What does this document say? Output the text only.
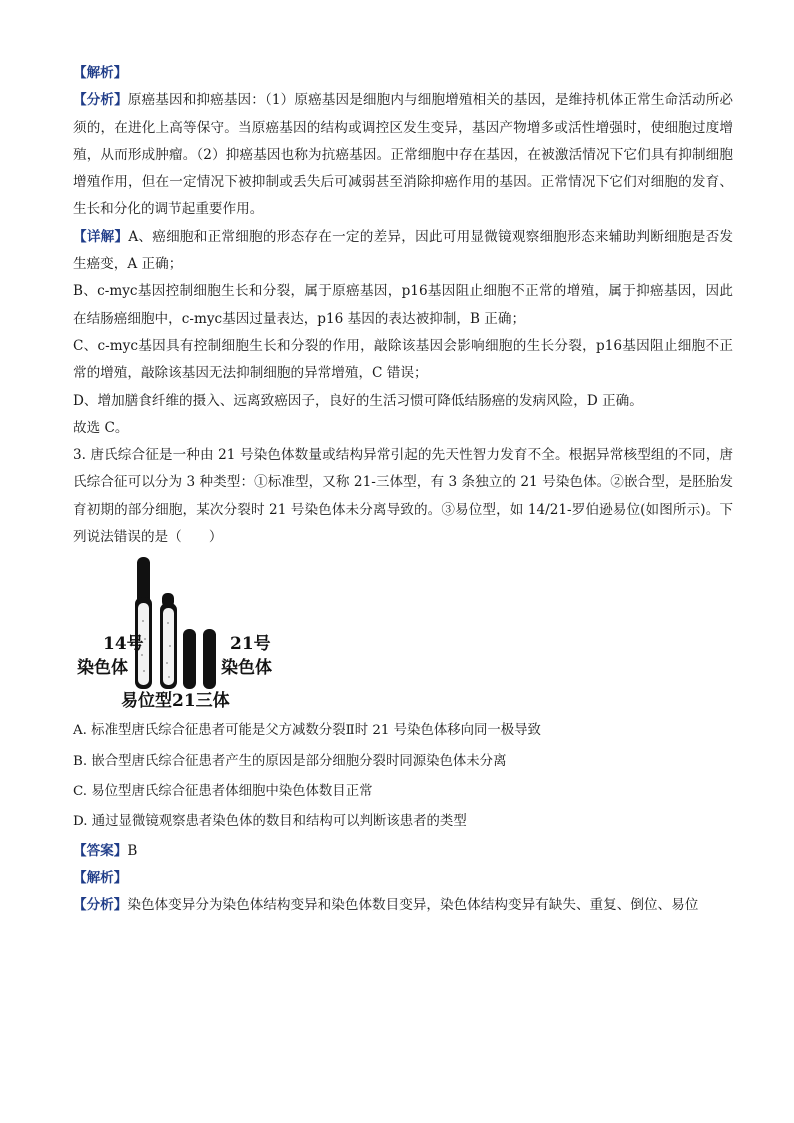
【解析】

【分析】原癌基因和抑癌基因：（1）原癌基因是细胞内与细胞增殖相关的基因，是维持机体正常生命活动所必须的，在进化上高等保守。当原癌基因的结构或调控区发生变异，基因产物增多或活性增强时，使细胞过度增殖，从而形成肿瘤。（2）抑癌基因也称为抗癌基因。正常细胞中存在基因，在被激活情况下它们具有抑制细胞增殖作用，但在一定情况下被抑制或丢失后可减弱甚至消除抑癌作用的基因。正常情况下它们对细胞的发育、生长和分化的调节起重要作用。

【详解】A、癌细胞和正常细胞的形态存在一定的差异，因此可用显微镜观察细胞形态来辅助判断细胞是否发生癌变，A 正确；

B、c-myc基因控制细胞生长和分裂，属于原癌基因，p16基因阻止细胞不正常的增殖，属于抑癌基因，因此在结肠癌细胞中，c-myc基因过量表达，p16 基因的表达被抑制，B 正确；

C、c-myc基因具有控制细胞生长和分裂的作用，敲除该基因会影响细胞的生长分裂，p16基因阻止细胞不正常的增殖，敲除该基因无法抑制细胞的异常增殖，C 错误；

D、增加膳食纤维的摄入、远离致癌因子，良好的生活习惯可降低结肠癌的发病风险，D 正确。

故选 C。

3. 唐氏综合征是一种由 21 号染色体数量或结构异常引起的先天性智力发育不全。根据异常核型组的不同，唐氏综合征可以分为 3 种类型：①标准型，又称 21-三体型，有 3 条独立的 21 号染色体。②嵌合型，是胚胎发育初期的部分细胞，某次分裂时 21 号染色体未分离导致的。③易位型，如 14/21-罗伯逊易位(如图所示)。下列说法错误的是（　　）

14号
染色体
21号
染色体
易位型21三体

A. 标准型唐氏综合征患者可能是父方减数分裂Ⅱ时 21 号染色体移向同一极导致

B. 嵌合型唐氏综合征患者产生的原因是部分细胞分裂时同源染色体未分离

C. 易位型唐氏综合征患者体细胞中染色体数目正常

D. 通过显微镜观察患者染色体的数目和结构可以判断该患者的类型

【答案】B

【解析】

【分析】染色体变异分为染色体结构变异和染色体数目变异，染色体结构变异有缺失、重复、倒位、易位
